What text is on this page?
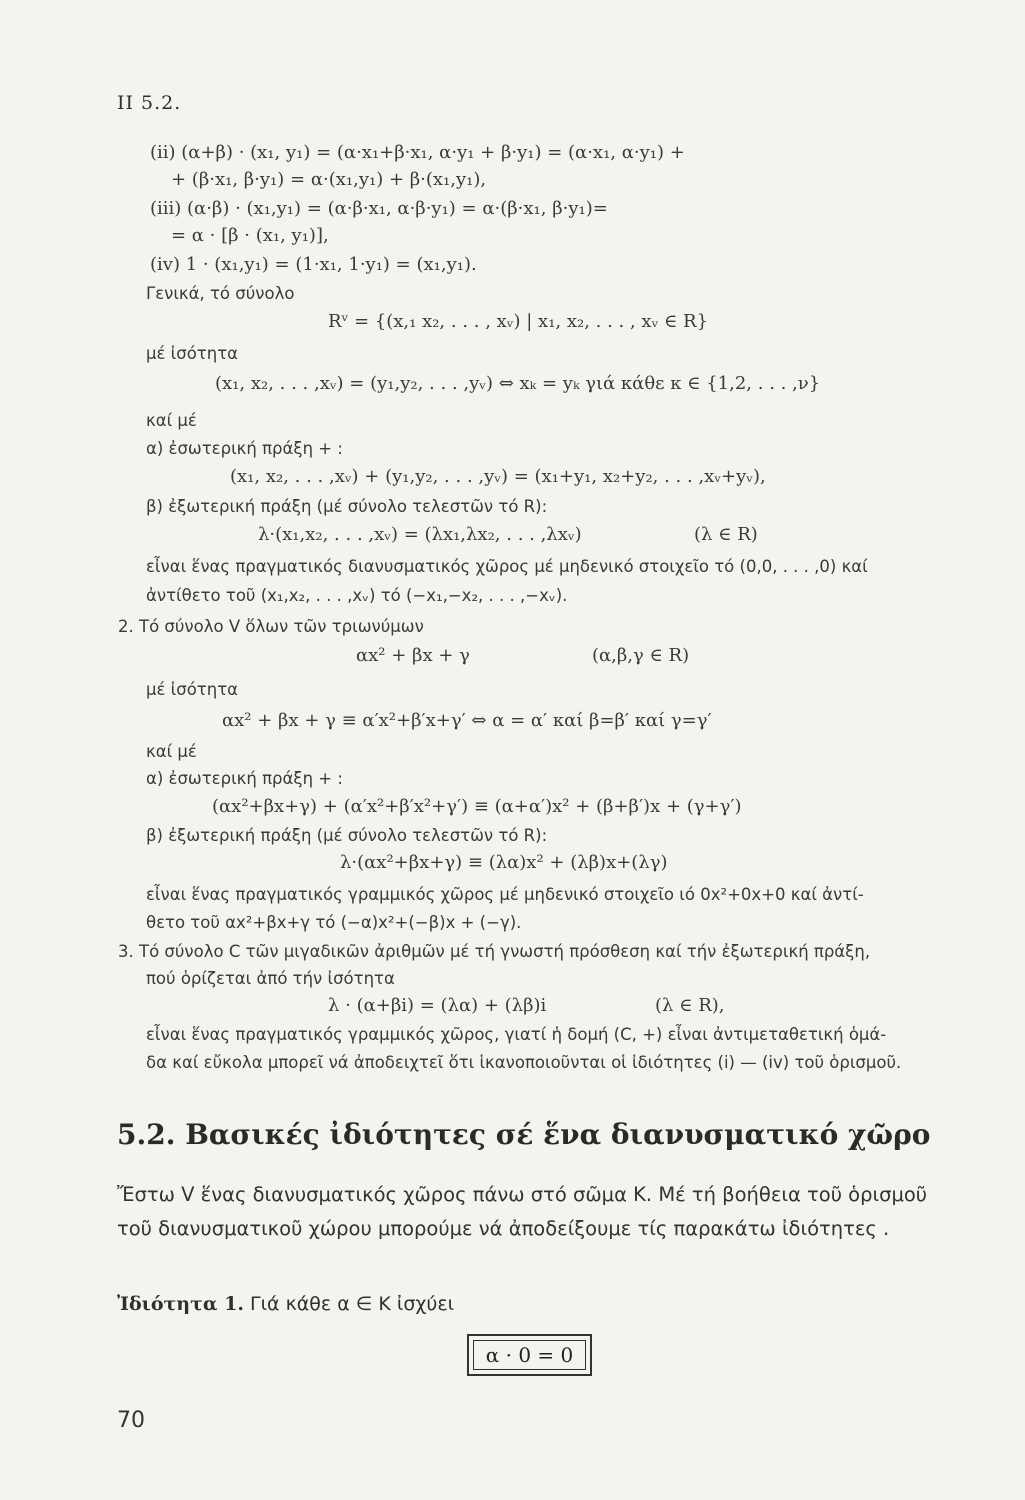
II 5.2.
(ii) (α+β) · (x₁, y₁) = (α·x₁+β·x₁, α·y₁ + β·y₁) = (α·x₁, α·y₁) +
+ (β·x₁, β·y₁) = α·(x₁,y₁) + β·(x₁,y₁),
(iii) (α·β) · (x₁,y₁) = (α·β·x₁, α·β·y₁) = α·(β·x₁, β·y₁)=
= α · [β · (x₁, y₁)],
(iv) 1 · (x₁,y₁) = (1·x₁, 1·y₁) = (x₁,y₁).
Γενικά, τό σύνολο
Rᵛ = {(x,₁ x₂, . . . , xᵥ) | x₁, x₂, . . . , xᵥ ∈ R}
μέ ἰσότητα
(x₁, x₂, . . . ,xᵥ) = (y₁,y₂, . . . ,yᵥ) ⇔ xₖ = yₖ γιά κάθε κ ∈ {1,2, . . . ,ν}
καί μέ
α) ἐσωτερική πράξη + :
(x₁, x₂, . . . ,xᵥ) + (y₁,y₂, . . . ,yᵥ) = (x₁+y₁, x₂+y₂, . . . ,xᵥ+yᵥ),
β) ἐξωτερική πράξη (μέ σύνολο τελεστῶν τό R):
λ·(x₁,x₂, . . . ,xᵥ) = (λx₁,λx₂, . . . ,λxᵥ)	(λ ∈ R)
εἶναι ἕνας πραγματικός διανυσματικός χῶρος μέ μηδενικό στοιχεῖο τό (0,0, . . . ,0) καί
ἀντίθετο τοῦ (x₁,x₂, . . . ,xᵥ) τό (−x₁,−x₂, . . . ,−xᵥ).
2. Τό σύνολο V ὅλων τῶν τριωνύμων
αx² + βx + γ	(α,β,γ ∈ R)
μέ ἰσότητα
αx² + βx + γ ≡ α′x²+β′x+γ′ ⇔ α = α′ καί β=β′ καί γ=γ′
καί μέ
α) ἐσωτερική πράξη + :
(αx²+βx+γ) + (α′x²+β′x²+γ′) ≡ (α+α′)x² + (β+β′)x + (γ+γ′)
β) ἐξωτερική πράξη (μέ σύνολο τελεστῶν τό R):
λ·(αx²+βx+γ) ≡ (λα)x² + (λβ)x+(λγ)
εἶναι ἕνας πραγματικός γραμμικός χῶρος μέ μηδενικό στοιχεῖο ιό 0x²+0x+0 καί ἀντί-
θετο τοῦ αx²+βx+γ τό (−α)x²+(−β)x + (−γ).
3. Τό σύνολο C τῶν μιγαδικῶν ἀριθμῶν μέ τή γνωστή πρόσθεση καί τήν ἐξωτερική πράξη,
πού ὁρίζεται ἀπό τήν ἰσότητα
λ · (α+βi) = (λα) + (λβ)i	(λ ∈ R),
εἶναι ἕνας πραγματικός γραμμικός χῶρος, γιατί ἡ δομή (C, +) εἶναι ἀντιμεταθετική ὁμά-
δα καί εὔκολα μπορεῖ νά ἀποδειχτεῖ ὅτι ἱκανοποιοῦνται οἱ ἰδιότητες (i) — (iv) τοῦ ὁρισμοῦ.
5.2. Βασικές ἰδιότητες σέ ἕνα διανυσματικό χῶρο
Ἔστω V ἕνας διανυσματικός χῶρος πάνω στό σῶμα Κ. Μέ τή βοήθεια τοῦ ὁρισμοῦ τοῦ διανυσματικοῦ χώρου μπορούμε νά ἀποδείξουμε τίς παρακάτω ἰδιότητες .
Ἰδιότητα 1. Γιά κάθε α ∈ Κ ἰσχύει
α · 0 = 0
70
